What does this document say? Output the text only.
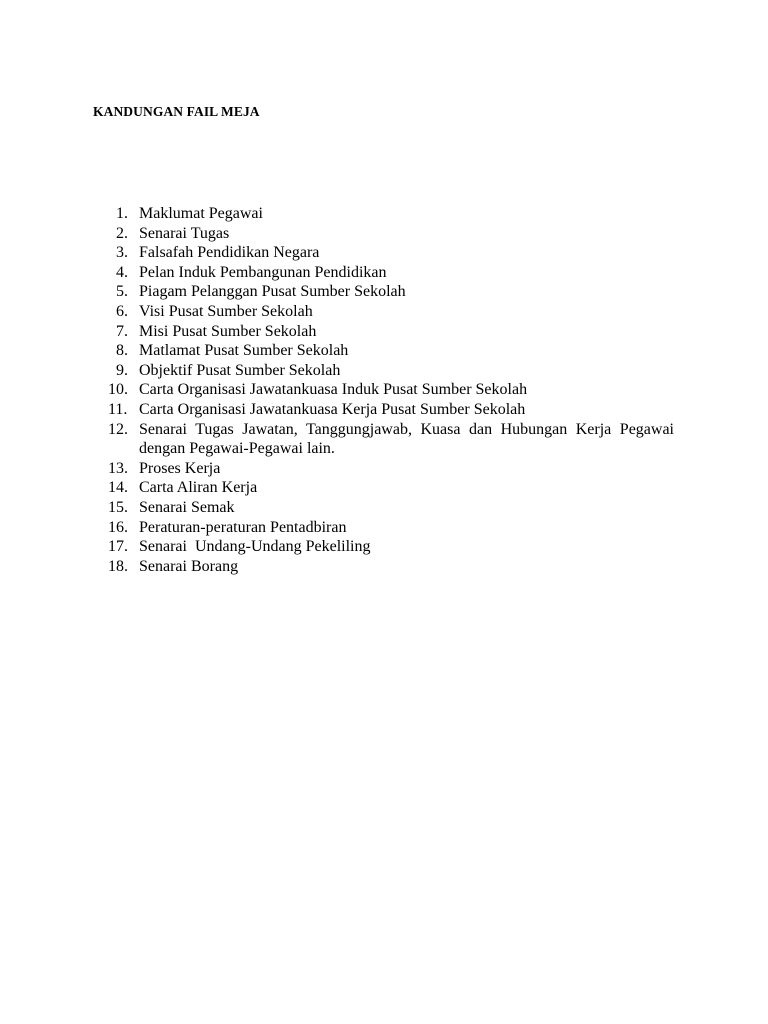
KANDUNGAN FAIL MEJA
1. Maklumat Pegawai
2. Senarai Tugas
3. Falsafah Pendidikan Negara
4. Pelan Induk Pembangunan Pendidikan
5. Piagam Pelanggan Pusat Sumber Sekolah
6. Visi Pusat Sumber Sekolah
7. Misi Pusat Sumber Sekolah
8. Matlamat Pusat Sumber Sekolah
9. Objektif Pusat Sumber Sekolah
10. Carta Organisasi Jawatankuasa Induk Pusat Sumber Sekolah
11. Carta Organisasi Jawatankuasa Kerja Pusat Sumber Sekolah
12. Senarai Tugas Jawatan, Tanggungjawab, Kuasa dan Hubungan Kerja Pegawai dengan Pegawai-Pegawai lain.
13. Proses Kerja
14. Carta Aliran Kerja
15. Senarai Semak
16. Peraturan-peraturan Pentadbiran
17. Senarai  Undang-Undang Pekeliling
18. Senarai Borang
